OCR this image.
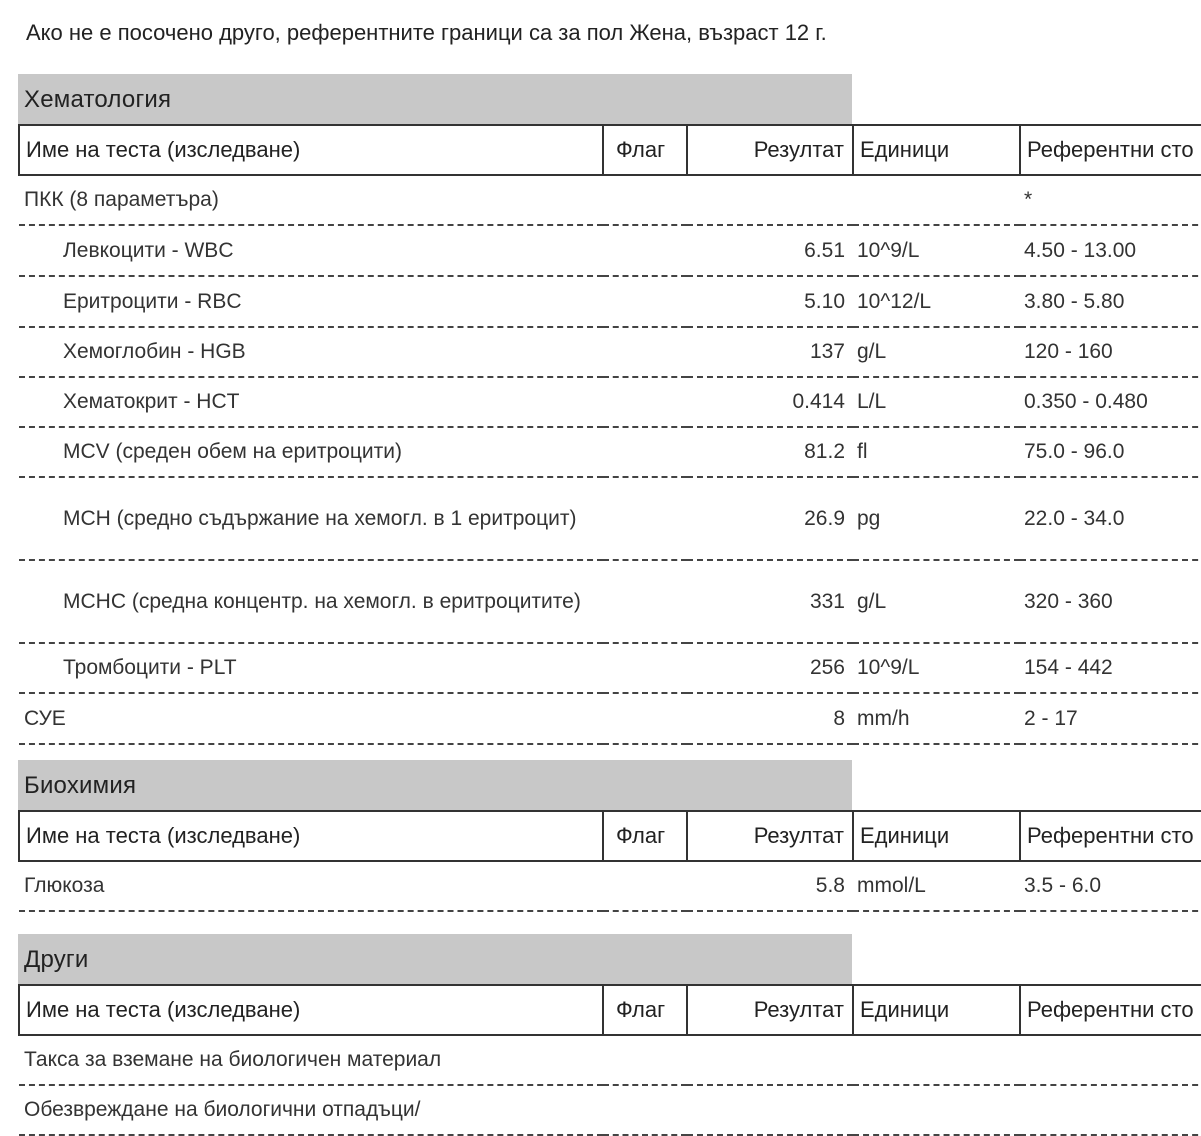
Ако не е посочено друго, референтните граници са за пол Жена, възраст 12 г.
Хематология
Име на теста (изследване)	Флаг	Резултат	Единици	Референтни сто
ПКК (8 параметъра)				*
Левкоцити - WBC		6.51	10^9/L	4.50 - 13.00
Еритроцити - RBC		5.10	10^12/L	3.80 - 5.80
Хемоглобин - HGB		137	g/L	120 - 160
Хематокрит - HCT		0.414	L/L	0.350 - 0.480
MCV (среден обем на еритроцити)		81.2	fl	75.0 - 96.0
MCH (средно съдържание на хемогл. в 1 еритроцит)		26.9	pg	22.0 - 34.0
MCHC (средна концентр. на хемогл. в еритроцитите)		331	g/L	320 - 360
Тромбоцити - PLT		256	10^9/L	154 - 442
СУЕ		8	mm/h	2 - 17
Биохимия
Име на теста (изследване)	Флаг	Резултат	Единици	Референтни сто
Глюкоза		5.8	mmol/L	3.5 - 6.0
Други
Име на теста (изследване)	Флаг	Резултат	Единици	Референтни сто
Такса за вземане на биологичен материал				
Обезвреждане на биологични отпадъци/				
